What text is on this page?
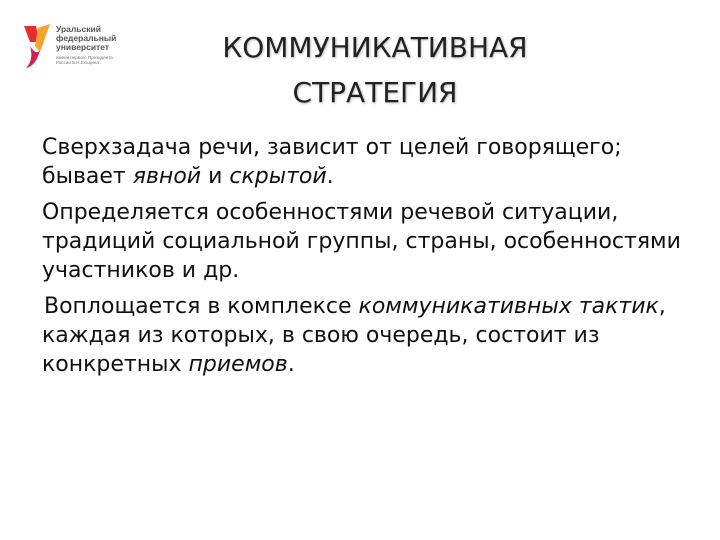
Уральский
федеральный
университет
имени первого Президента
России Б.Н.Ельцина	КОММУНИКАТИВНАЯ
СТРАТЕГИЯ

Сверхзадача речи, зависит от целей говорящего; бывает явной и скрытой.

Определяется особенностями речевой ситуации, традиций социальной группы, страны, особенностями участников и др.

Воплощается в комплексе коммуникативных тактик, каждая из которых, в свою очередь, состоит из конкретных приемов.
